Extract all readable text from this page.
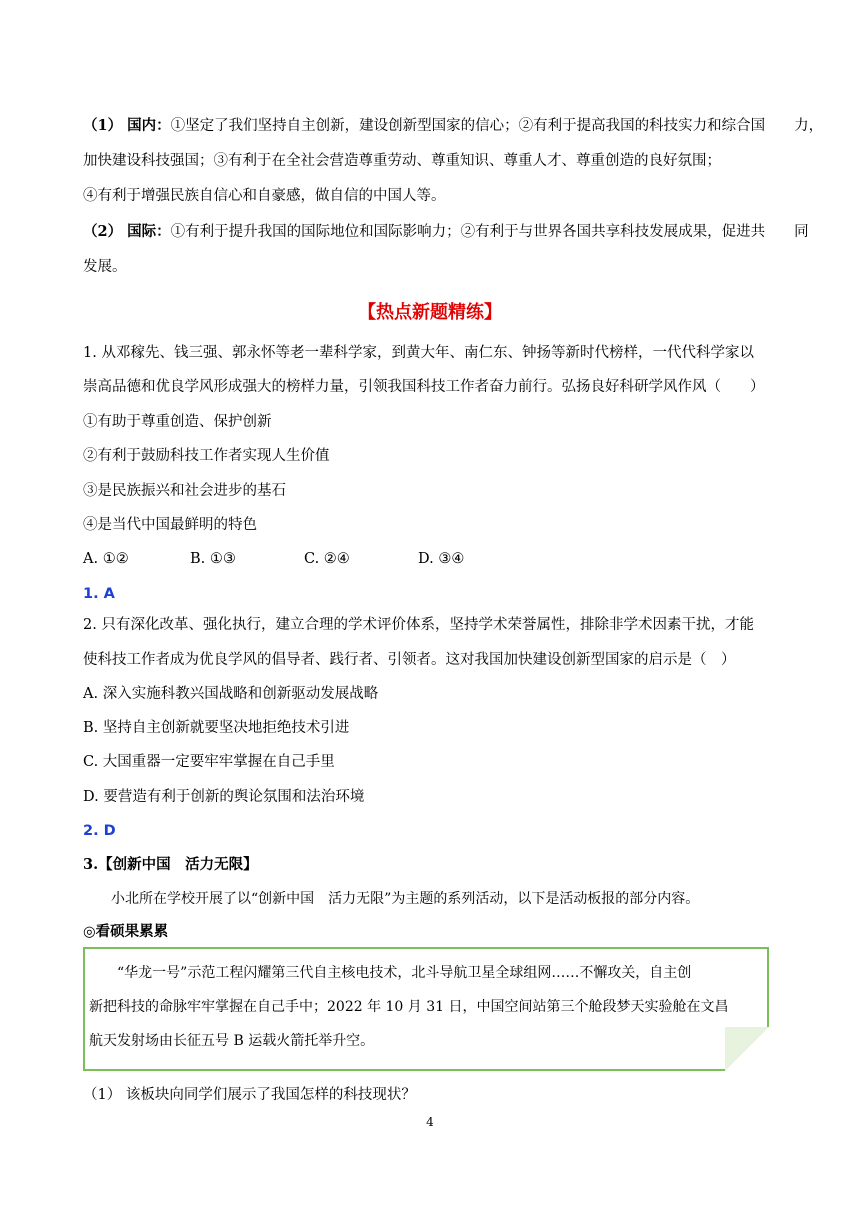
（1） 国内：①坚定了我们坚持自主创新，建设创新型国家的信心；②有利于提高我国的科技实力和综合国　　力，
加快建设科技强国；③有利于在全社会营造尊重劳动、尊重知识、尊重人才、尊重创造的良好氛围；
④有利于增强民族自信心和自豪感，做自信的中国人等。
（2） 国际：①有利于提升我国的国际地位和国际影响力；②有利于与世界各国共享科技发展成果，促进共　　同
发展。
【热点新题精练】
1. 从邓稼先、钱三强、郭永怀等老一辈科学家，到黄大年、南仁东、钟扬等新时代榜样，一代代科学家以
崇高品德和优良学风形成强大的榜样力量，引领我国科技工作者奋力前行。弘扬良好科研学风作风（　　）
①有助于尊重创造、保护创新
②有利于鼓励科技工作者实现人生价值
③是民族振兴和社会进步的基石
④是当代中国最鲜明的特色
A. ①②	B. ①③	C. ②④	D. ③④
1. A
2. 只有深化改革、强化执行，建立合理的学术评价体系，坚持学术荣誉属性，排除非学术因素干扰，才能
使科技工作者成为优良学风的倡导者、践行者、引领者。这对我国加快建设创新型国家的启示是（　）
A. 深入实施科教兴国战略和创新驱动发展战略
B. 坚持自主创新就要坚决地拒绝技术引进
C. 大国重器一定要牢牢掌握在自己手里
D. 要营造有利于创新的舆论氛围和法治环境
2. D
3.【创新中国　活力无限】
小北所在学校开展了以“创新中国　活力无限”为主题的系列活动，以下是活动板报的部分内容。
◎看硕果累累
“华龙一号”示范工程闪耀第三代自主核电技术，北斗导航卫星全球组网……不懈攻关，自主创
新把科技的命脉牢牢掌握在自己手中；2022 年 10 月 31 日，中国空间站第三个舱段梦天实验舱在文昌
航天发射场由长征五号 B 运载火箭托举升空。
（1） 该板块向同学们展示了我国怎样的科技现状？
4
